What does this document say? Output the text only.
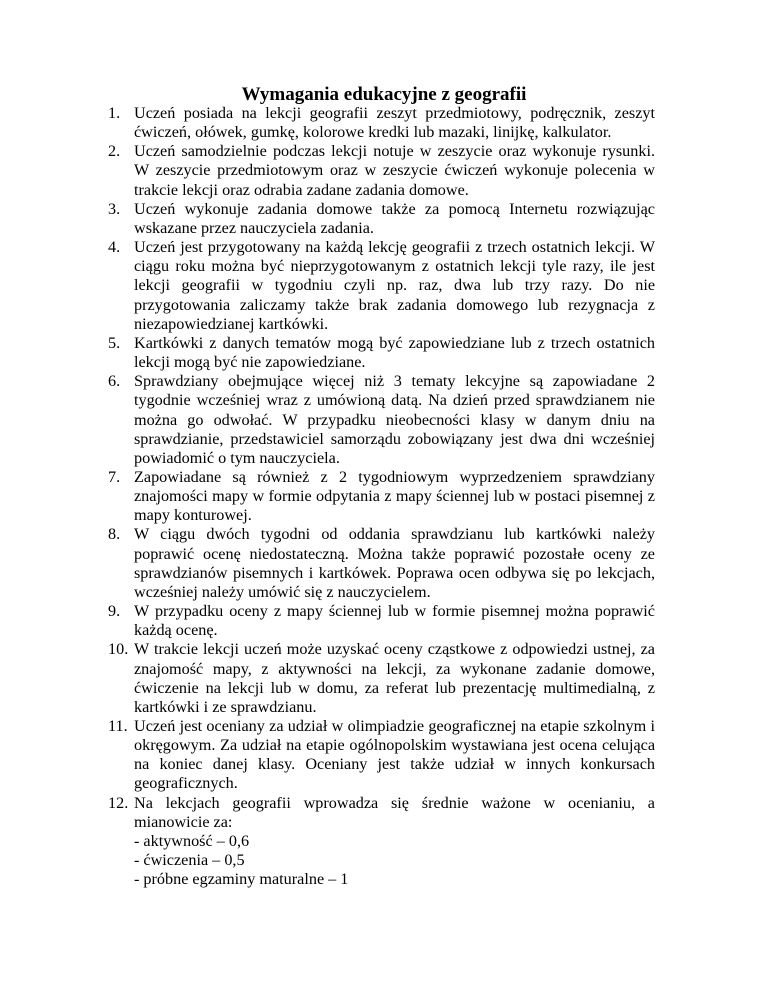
Wymagania edukacyjne z geografii
1. Uczeń posiada na lekcji geografii zeszyt przedmiotowy, podręcznik, zeszyt ćwiczeń, ołówek, gumkę, kolorowe kredki lub mazaki, linijkę, kalkulator.
2. Uczeń samodzielnie podczas lekcji notuje w zeszycie oraz wykonuje rysunki. W zeszycie przedmiotowym oraz w zeszycie ćwiczeń wykonuje polecenia w trakcie lekcji oraz odrabia zadane zadania domowe.
3. Uczeń wykonuje zadania domowe także za pomocą Internetu rozwiązując wskazane przez nauczyciela zadania.
4. Uczeń jest przygotowany na każdą lekcję geografii z trzech ostatnich lekcji. W ciągu roku można być nieprzygotowanym z ostatnich lekcji tyle razy, ile jest lekcji geografii w tygodniu czyli np. raz, dwa lub trzy razy. Do nie przygotowania zaliczamy także brak zadania domowego lub rezygnacja z niezapowiedzianej kartkówki.
5. Kartkówki z danych tematów mogą być zapowiedziane lub z trzech ostatnich lekcji mogą być nie zapowiedziane.
6. Sprawdziany obejmujące więcej niż 3 tematy lekcyjne są zapowiadane 2 tygodnie wcześniej wraz z umówioną datą. Na dzień przed sprawdzianem nie można go odwołać. W przypadku nieobecności klasy w danym dniu na sprawdzianie, przedstawiciel samorządu zobowiązany jest dwa dni wcześniej powiadomić o tym nauczyciela.
7. Zapowiadane są również z 2 tygodniowym wyprzedzeniem sprawdziany znajomości mapy w formie odpytania z mapy ściennej lub w postaci pisemnej z mapy konturowej.
8. W ciągu dwóch tygodni od oddania sprawdzianu lub kartkówki należy poprawić ocenę niedostateczną. Można także poprawić pozostałe oceny ze sprawdzianów pisemnych i kartkówek. Poprawa ocen odbywa się po lekcjach, wcześniej należy umówić się z nauczycielem.
9. W przypadku oceny z mapy ściennej lub w formie pisemnej można poprawić każdą ocenę.
10. W trakcie lekcji uczeń może uzyskać oceny cząstkowe z odpowiedzi ustnej, za znajomość mapy, z aktywności na lekcji, za wykonane zadanie domowe, ćwiczenie na lekcji lub w domu, za referat lub prezentację multimedialną, z kartkówki i ze sprawdzianu.
11. Uczeń jest oceniany za udział w olimpiadzie geograficznej na etapie szkolnym i okręgowym. Za udział na etapie ogólnopolskim wystawiana jest ocena celująca na koniec danej klasy. Oceniany jest także udział w innych konkursach geograficznych.
12. Na lekcjach geografii wprowadza się średnie ważone w ocenianiu, a mianowicie za:
- aktywność – 0,6
- ćwiczenia – 0,5
- próbne egzaminy maturalne – 1
